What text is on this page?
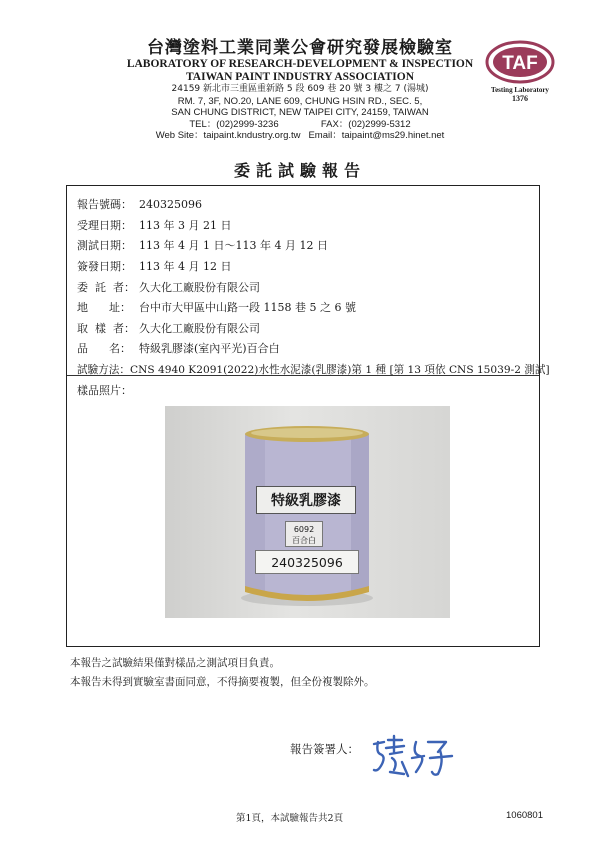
台灣塗料工業同業公會研究發展檢驗室
LABORATORY OF RESEARCH-DEVELOPMENT & INSPECTION
TAIWAN PAINT INDUSTRY ASSOCIATION
24159 新北市三重區重新路 5 段 609 巷 20 號 3 樓之 7 (湯城)
RM. 7, 3F, NO.20, LANE 609, CHUNG HSIN RD., SEC. 5,
SAN CHUNG DISTRICT, NEW TAIPEI CITY, 24159, TAIWAN
TEL：(02)2999-3236                FAX：(02)2999-5312
Web Site：taipaint.kndustry.org.tw   Email：taipaint@ms29.hinet.net
TAF
Testing Laboratory
1376
委託試驗報告
報告號碼： 240325096
受理日期： 113 年 3 月 21 日
測試日期： 113 年 4 月 1 日～113 年 4 月 12 日
簽發日期： 113 年 4 月 12 日
委  託  者： 久大化工廠股份有限公司
地      址： 台中市大甲區中山路一段 1158 巷 5 之 6 號
取  樣  者： 久大化工廠股份有限公司
品      名： 特級乳膠漆(室內平光)百合白
試驗方法： CNS 4940 K2091(2022)水性水泥漆(乳膠漆)第 1 種 [第 13 項依 CNS 15039-2 測試]
樣品照片：
特級乳膠漆
6092
百合白
240325096
本報告之試驗結果僅對樣品之測試項目負責。
本報告未得到實驗室書面同意，不得摘要複製，但全份複製除外。
報告簽署人：
第1頁，本試驗報告共2頁	1060801
